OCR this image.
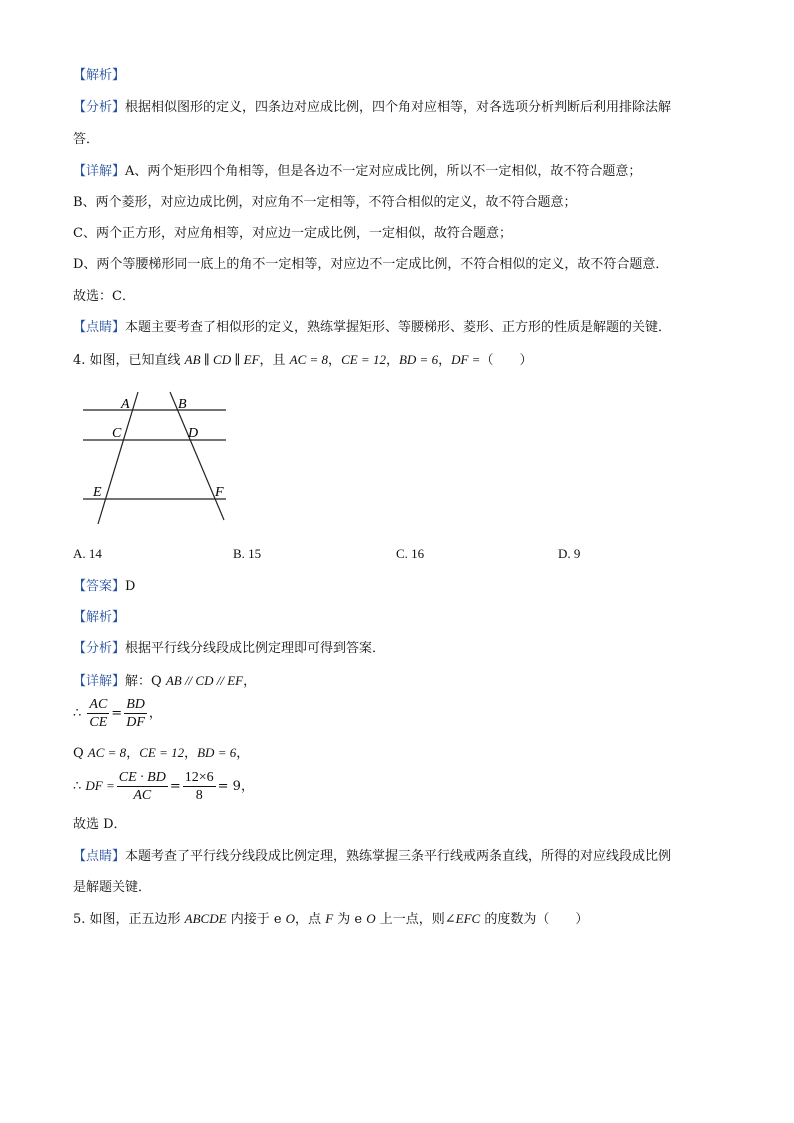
【解析】
【分析】根据相似图形的定义，四条边对应成比例，四个角对应相等，对各选项分析判断后利用排除法解
答．
【详解】A、两个矩形四个角相等，但是各边不一定对应成比例，所以不一定相似，故不符合题意；
B、两个菱形，对应边成比例，对应角不一定相等，不符合相似的定义，故不符合题意；
C、两个正方形，对应角相等，对应边一定成比例，一定相似，故符合题意；
D、两个等腰梯形同一底上的角不一定相等，对应边不一定成比例，不符合相似的定义，故不符合题意．
故选：C．
【点睛】本题主要考查了相似形的定义，熟练掌握矩形、等腰梯形、菱形、正方形的性质是解题的关键．
4. 如图，已知直线 AB ∥ CD ∥ EF，且 AC = 8，CE = 12，BD = 6，DF =（　　）
A	B
C	D
E	F
A. 14	B. 15	C. 16	D. 9
【答案】D
【解析】
【分析】根据平行线分线段成比例定理即可得到答案．
【详解】解：Q AB // CD // EF，
∴ $\frac{AC}{CE} = \frac{BD}{DF}$ ，
Q AC = 8，CE = 12，BD = 6，
∴ DF = $\frac{CE \cdot BD}{AC} = \frac{12\times 6}{8} = 9$，
故选 D．
【点睛】本题考查了平行线分线段成比例定理，熟练掌握三条平行线戒两条直线，所得的对应线段成比例
是解题关键．
5. 如图，正五边形 ABCDE 内接于 e O，点 F 为 e O 上一点，则∠EFC 的度数为（　　）
